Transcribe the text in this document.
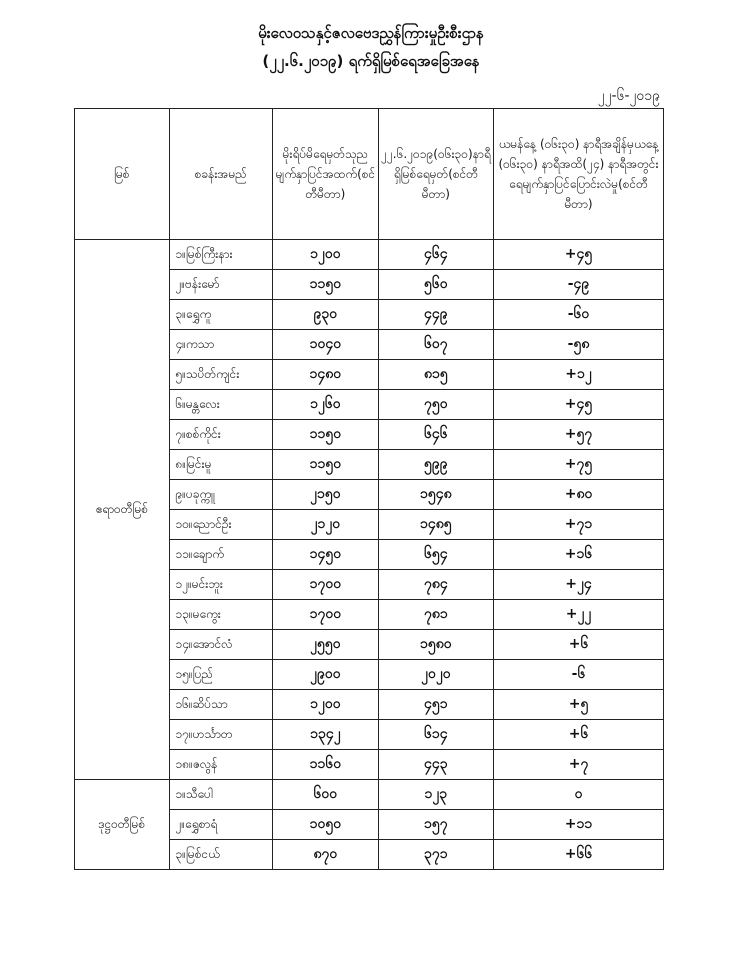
မိုးလေဝသနှင့်ဇလဗေဒညွှန်ကြားမှုဦးစီးဌာန
(၂၂.၆.၂၀၁၉) ရက်ရှိမြစ်ရေအခြေအနေ
၂၂-၆-၂၀၁၉
မြစ်	စခန်းအမည်	မိုးရိပ်မိရေမှတ်သုညမျက်နှာပြင်အထက်(စင်တီမီတာ)	၂၂.၆.၂၀၁၉(၀၆း၃၀)နာရီရှိမြစ်ရေမှတ်(စင်တီမီတာ)	ယမန်နေ့ (၀၆း၃၀) နာရီအချိန်မှယနေ့ (၀၆း၃၀) နာရီအထိ(၂၄) နာရီအတွင်းရေမျက်နှာပြင်ပြောင်းလဲမှု(စင်တီမီတာ)
ဧရာဝတီမြစ်	၁။မြစ်ကြီးနား	၁၂၀၀	၄၆၄	+၄၅
	၂။ဗန်းမော်	၁၁၅၀	၅၆၀	-၄၉
	၃။ရွှေကူ	၉၃၀	၄၄၉	-၆၀
	၄။ကသာ	၁၀၄၀	၆၀၇	-၅၈
	၅။သပိတ်ကျင်း	၁၄၈၀	၈၁၅	+၁၂
	၆။မန္တလေး	၁၂၆၀	၇၅၀	+၄၅
	၇။စစ်ကိုင်း	၁၁၅၀	၆၄၆	+၅၇
	၈။မြင်းမူ	၁၁၅၀	၅၉၉	+၇၅
	၉။ပခုက္ကူ	၂၁၅၀	၁၅၄၈	+၈၀
	၁၀။ညောင်ဦး	၂၁၂၀	၁၄၈၅	+၇၁
	၁၁။ချောက်	၁၄၅၀	၆၅၄	+၁၆
	၁၂။မင်းဘူး	၁၇၀၀	၇၈၄	+၂၄
	၁၃။မကွေး	၁၇၀၀	၇၈၁	+၂၂
	၁၄။အောင်လံ	၂၅၅၀	၁၅၈၀	+၆
	၁၅။ပြည်	၂၉၀၀	၂၀၂၀	-၆
	၁၆။ဆိပ်သာ	၁၂၀၀	၄၅၁	+၅
	၁၇။ဟင်္သာတ	၁၃၄၂	၆၁၄	+၆
	၁၈။ဇလွန်	၁၁၆၀	၄၄၃	+၇
ဒုဋ္ဌဝတီမြစ်	၁။သီပေါ	၆၀၀	၁၂၃	၀
	၂။ရွှေစာရံ	၁၀၅၀	၁၅၇	+၁၁
	၃။မြစ်ငယ်	၈၇၀	၃၇၁	+၆၆
